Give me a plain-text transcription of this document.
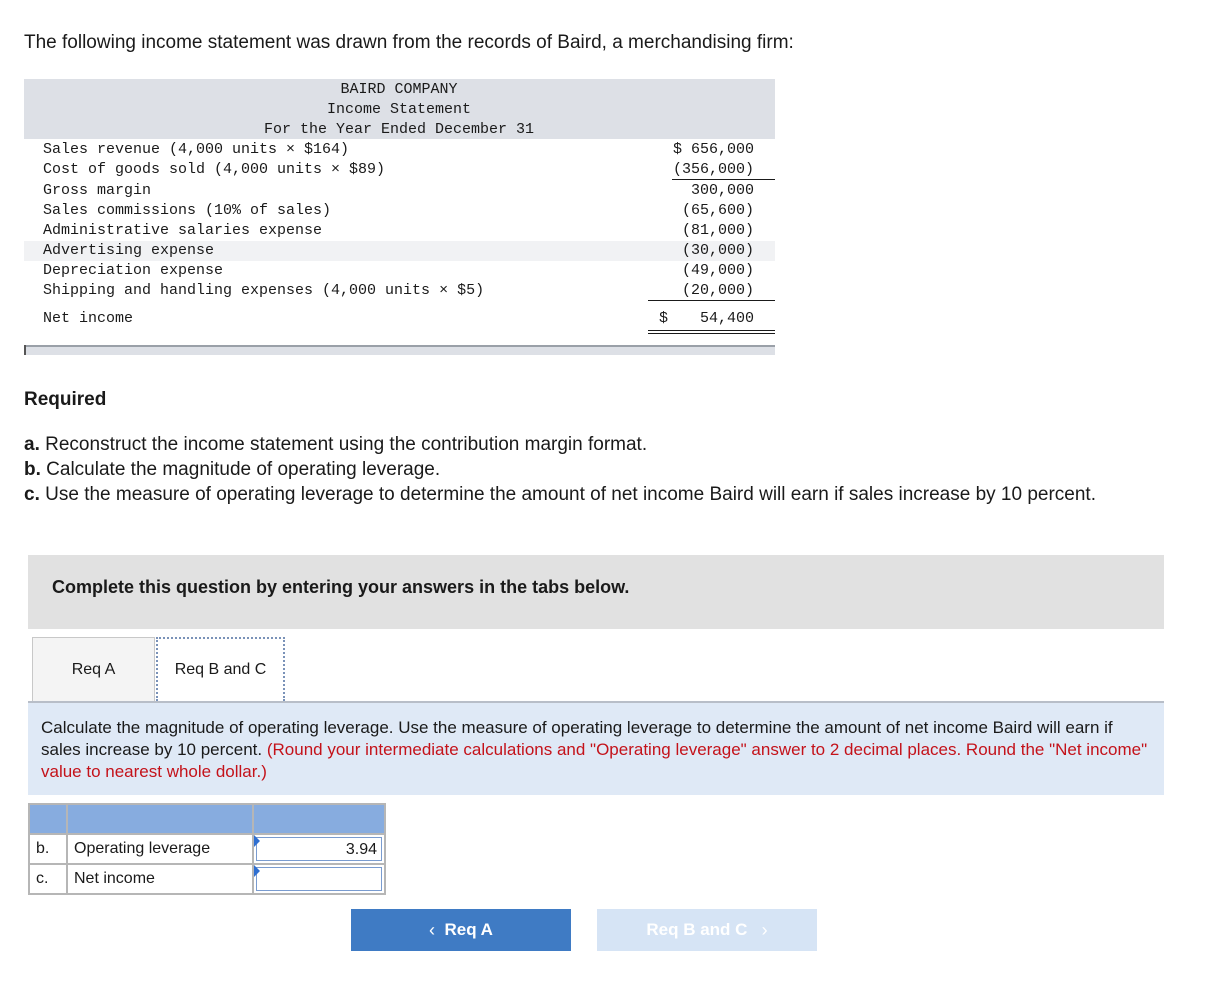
The following income statement was drawn from the records of Baird, a merchandising firm:
BAIRD COMPANY
Income Statement
For the Year Ended December 31
Sales revenue (4,000 units × $164)	$ 656,000
Cost of goods sold (4,000 units × $89)	(356,000)
Gross margin	300,000
Sales commissions (10% of sales)	(65,600)
Administrative salaries expense	(81,000)
Advertising expense	(30,000)
Depreciation expense	(49,000)
Shipping and handling expenses (4,000 units × $5)	(20,000)
Net income	$	54,400
Required
a. Reconstruct the income statement using the contribution margin format.
b. Calculate the magnitude of operating leverage.
c. Use the measure of operating leverage to determine the amount of net income Baird will earn if sales increase by 10 percent.
Complete this question by entering your answers in the tabs below.
Req A	Req B and C
Calculate the magnitude of operating leverage. Use the measure of operating leverage to determine the amount of net income Baird will earn if sales increase by 10 percent. (Round your intermediate calculations and "Operating leverage" answer to 2 decimal places. Round the "Net income" value to nearest whole dollar.)

b.	Operating leverage	3.94

c.	Net income	
‹
Req A	Req B and C
›
